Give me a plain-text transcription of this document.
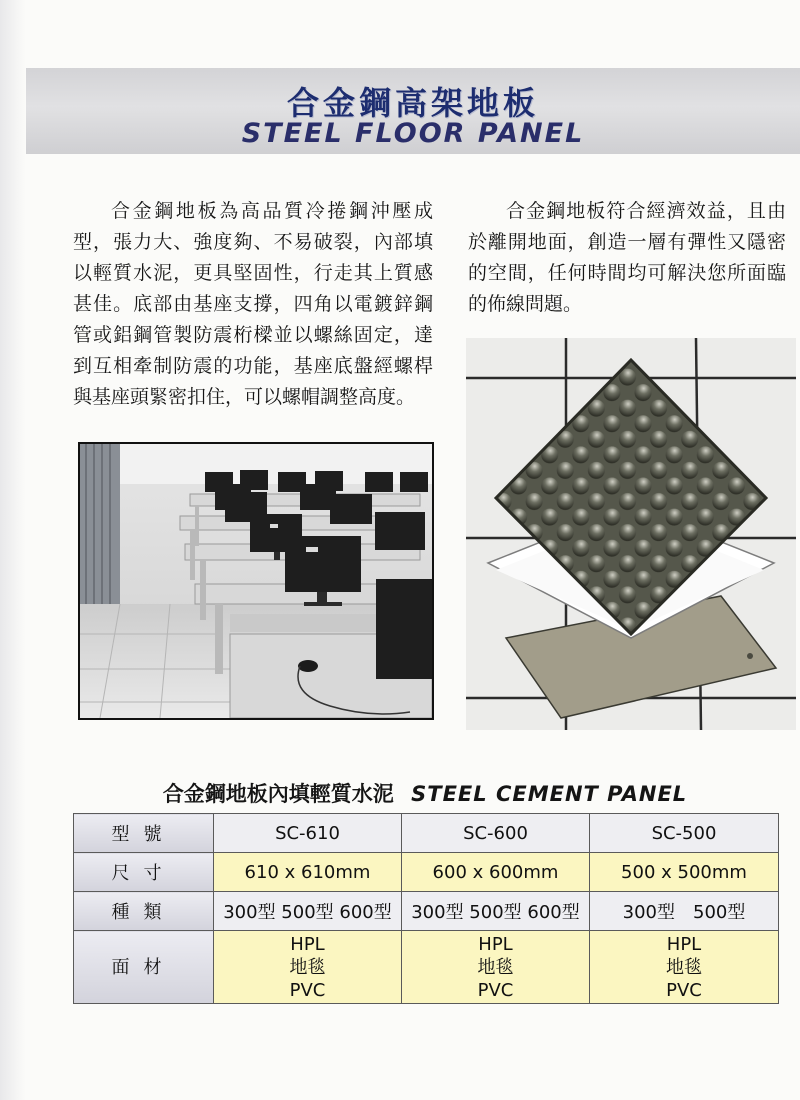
合金鋼高架地板
STEEL FLOOR PANEL

合金鋼地板為高品質冷捲鋼沖壓成型，張力大、強度夠、不易破裂，內部填以輕質水泥，更具堅固性，行走其上質感甚佳。底部由基座支撐，四角以電鍍鋅鋼管或鋁鋼管製防震桁樑並以螺絲固定，達到互相牽制防震的功能，基座底盤經螺桿與基座頭緊密扣住，可以螺帽調整高度。

合金鋼地板符合經濟效益，且由於離開地面，創造一層有彈性又隱密的空間，任何時間均可解決您所面臨的佈線問題。

合金鋼地板內填輕質水泥 STEEL CEMENT PANEL
型號	SC-610	SC-600	SC-500
尺寸	610 x 610mm	600 x 600mm	500 x 500mm
種類	300型 500型 600型	300型 500型 600型	300型　500型
面材	HPL
地毯
PVC	HPL
地毯
PVC	HPL
地毯
PVC
